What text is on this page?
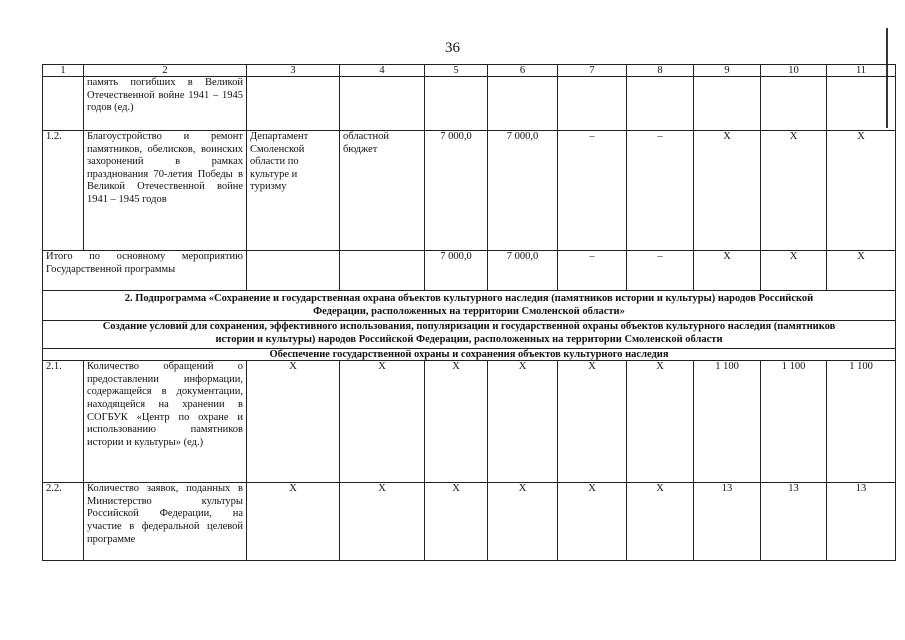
36
1	2	3	4	5	6	7	8	9	10	11
	память погибших в Великой Отечественной войне 1941 – 1945 годов (ед.)									
1.2.	Благоустройство и ремонт памятников, обелисков, воинских захоронений в рамках празднования 70-летия Победы в Великой Отечественной войне 1941 – 1945 годов	Департамент Смоленской области по культуре и туризму	областной бюджет	7 000,0	7 000,0	–	–	X	X	X
Итого по основному мероприятию Государственной программы				7 000,0	7 000,0	–	–	X	X	X
2. Подпрограмма «Сохранение и государственная охрана объектов культурного наследия (памятников истории и культуры) народов Российской Федерации, расположенных на территории Смоленской области»										
Создание условий для сохранения, эффективного использования, популяризации и государственной охраны объектов культурного наследия (памятников истории и культуры) народов Российской Федерации, расположенных на территории Смоленской области										
Обеспечение государственной охраны и сохранения объектов культурного наследия										
2.1.	Количество обращений о предоставлении информации, содержащейся в документации, находящейся на хранении в СОГБУК «Центр по охране и использованию памятников истории и культуры» (ед.)	X	X	X	X	X	X	1 100	1 100	1 100
2.2.	Количество заявок, поданных в Министерство культуры Российской Федерации, на участие в федеральной целевой программе	X	X	X	X	X	X	13	13	13
